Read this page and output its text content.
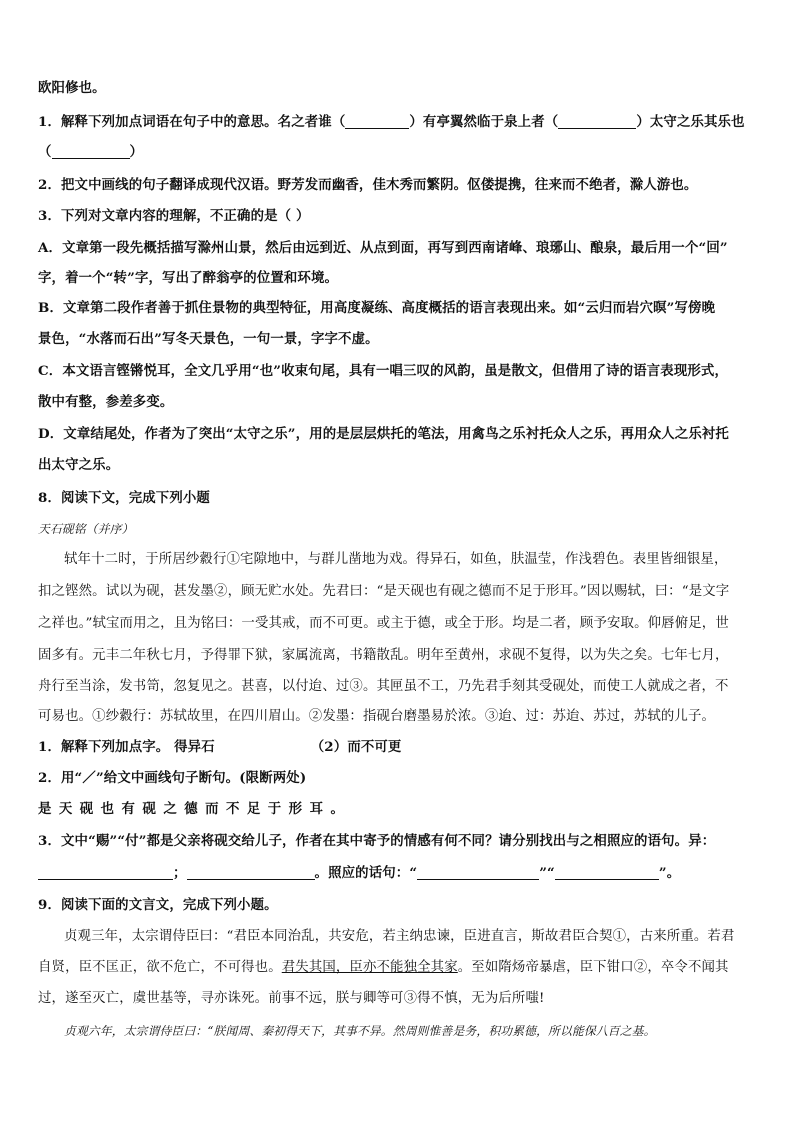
欧阳修也。
1．解释下列加点词语在句子中的意思。名之者谁（	）有亭翼然临于泉上者（	）太守之乐其乐也
（	）
2．把文中画线的句子翻译成现代汉语。野芳发而幽香，佳木秀而繁阴。伛偻提携，往来而不绝者，滁人游也。
3．下列对文章内容的理解，不正确的是（ ）
A．文章第一段先概括描写滁州山景，然后由远到近、从点到面，再写到西南诸峰、琅琊山、酿泉，最后用一个“回”
字，着一个“转”字，写出了醉翁亭的位置和环境。
B．文章第二段作者善于抓住景物的典型特征，用高度凝练、高度概括的语言表现出来。如“云归而岩穴暝”写傍晚
景色，“水落而石出”写冬天景色，一句一景，字字不虚。
C．本文语言铿锵悦耳，全文几乎用“也”收束句尾，具有一唱三叹的风韵，虽是散文，但借用了诗的语言表现形式，
散中有整，参差多变。
D．文章结尾处，作者为了突出“太守之乐”，用的是层层烘托的笔法，用禽鸟之乐衬托众人之乐，再用众人之乐衬托
出太守之乐。
8．阅读下文，完成下列小题
天石砚铭（并序）
轼年十二时，于所居纱縠行①宅隙地中，与群儿凿地为戏。得异石，如鱼，肤温莹，作浅碧色。表里皆细银星，
扣之铿然。试以为砚，甚发墨②，顾无贮水处。先君曰：“是天砚也有砚之德而不足于形耳。”因以赐轼，曰：“是文字
之祥也。”轼宝而用之，且为铭曰：一受其戒，而不可更。或主于德，或全于形。均是二者，顾予安取。仰唇俯足，世
固多有。元丰二年秋七月，予得罪下狱，家属流离，书籍散乱。明年至黄州，求砚不复得，以为失之矣。七年七月，
舟行至当涂，发书笥，忽复见之。甚喜，以付迨、过③。其匣虽不工，乃先君手刻其受砚处，而使工人就成之者，不
可易也。①纱縠行：苏轼故里，在四川眉山。②发墨：指砚台磨墨易於浓。③迨、过：苏迨、苏过，苏轼的儿子。
1．解释下列加点字。 得异石	（2）而不可更
2．用“／”给文中画线句子断句。(限断两处)
是天砚也有砚之德而不足于形耳。
3．文中“赐”“付”都是父亲将砚交给儿子，作者在其中寄予的情感有何不同？请分别找出与之相照应的语句。异：
；	。照应的话句：“	”“	”。
9．阅读下面的文言文，完成下列小题。
贞观三年，太宗谓侍臣曰：“君臣本同治乱，共安危，若主纳忠谏，臣进直言，斯故君臣合契①，古来所重。若君
自贤，臣不匡正，欲不危亡，不可得也。君失其国，臣亦不能独全其家。至如隋炀帝暴虐，臣下钳口②，卒令不闻其
过，遂至灭亡，虞世基等，寻亦诛死。前事不远，朕与卿等可③得不慎，无为后所嗤!
贞观六年，太宗谓侍臣曰：“朕闻周、秦初得天下，其事不异。然周则惟善是务，积功累德，所以能保八百之基。
